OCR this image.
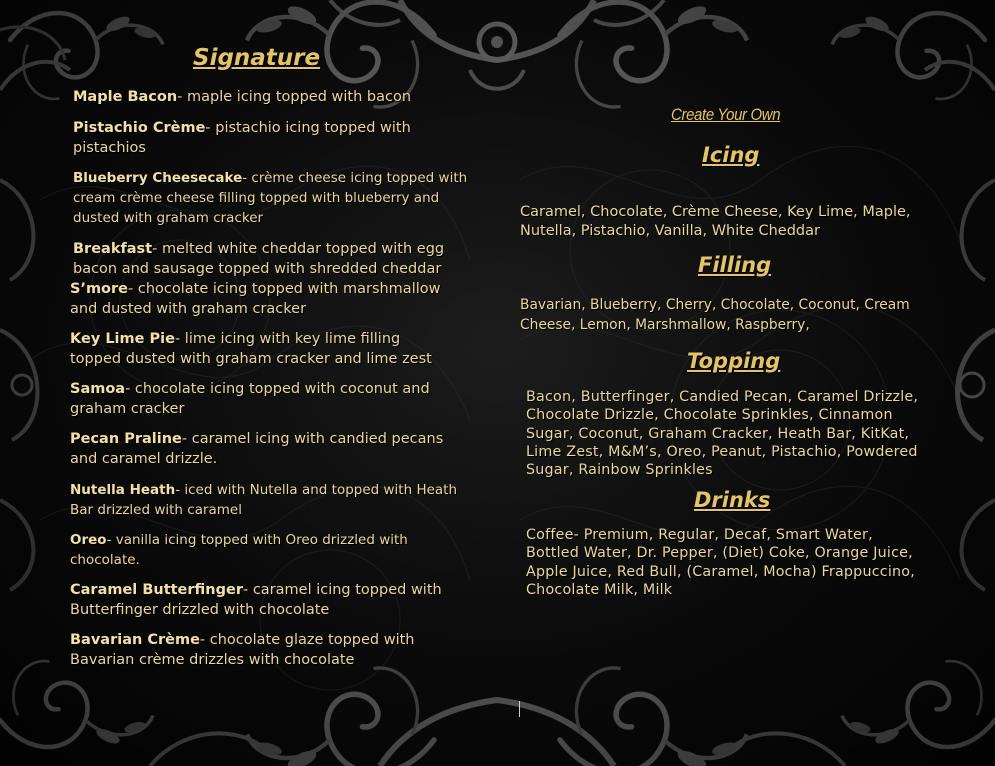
Signature
Maple Bacon- maple icing topped with bacon
Pistachio Crème- pistachio icing topped with
pistachios
Blueberry Cheesecake- crème cheese icing topped with
cream crème cheese filling topped with blueberry and
dusted with graham cracker
Breakfast- melted white cheddar topped with egg
bacon and sausage topped with shredded cheddar
S’more- chocolate icing topped with marshmallow
and dusted with graham cracker
Key Lime Pie- lime icing with key lime filling
topped dusted with graham cracker and lime zest
Samoa- chocolate icing topped with coconut and
graham cracker
Pecan Praline- caramel icing with candied pecans
and caramel drizzle.
Nutella Heath- iced with Nutella and topped with Heath
Bar drizzled with caramel
Oreo- vanilla icing topped with Oreo drizzled with
chocolate.
Caramel Butterfinger- caramel icing topped with
Butterfinger drizzled with chocolate
Bavarian Crème- chocolate glaze topped with
Bavarian crème drizzles with chocolate
Create Your Own
Icing
Caramel, Chocolate, Crème Cheese, Key Lime, Maple,
Nutella, Pistachio, Vanilla, White Cheddar
Filling
Bavarian, Blueberry, Cherry, Chocolate, Coconut, Cream
Cheese, Lemon, Marshmallow, Raspberry,
Topping
Bacon, Butterfinger, Candied Pecan, Caramel Drizzle,
Chocolate Drizzle, Chocolate Sprinkles, Cinnamon
Sugar, Coconut, Graham Cracker, Heath Bar, KitKat,
Lime Zest, M&M’s, Oreo, Peanut, Pistachio, Powdered
Sugar, Rainbow Sprinkles
Drinks
Coffee- Premium, Regular, Decaf, Smart Water,
Bottled Water, Dr. Pepper, (Diet) Coke, Orange Juice,
Apple Juice, Red Bull, (Caramel, Mocha) Frappuccino,
Chocolate Milk, Milk
